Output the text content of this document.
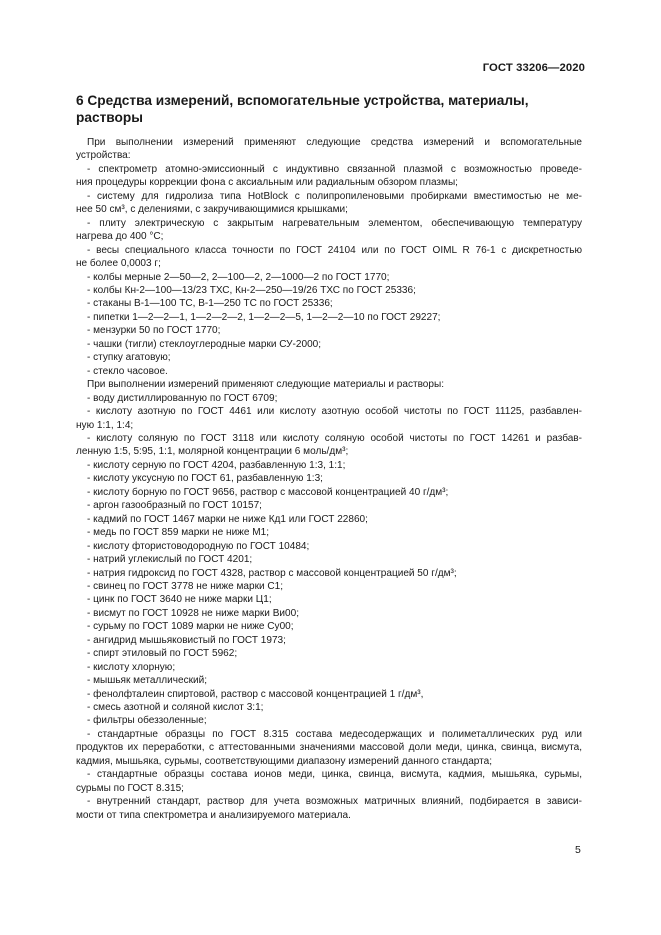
ГОСТ 33206—2020
6 Средства измерений, вспомогательные устройства, материалы,
растворы
При выполнении измерений применяют следующие средства измерений и вспомогательные
устройства:
- спектрометр атомно-эмиссионный с индуктивно связанной плазмой с возможностью проведе-
ния процедуры коррекции фона с аксиальным или радиальным обзором плазмы;
- систему для гидролиза типа HotBlock с полипропиленовыми пробирками вместимостью не ме-
нее 50 см³, с делениями, с закручивающимися крышками;
- плиту электрическую с закрытым нагревательным элементом, обеспечивающую температуру
нагрева до 400 °С;
- весы специального класса точности по ГОСТ 24104 или по ГОСТ OIML R 76-1 с дискретностью
не более 0,0003 г;
- колбы мерные 2—50—2, 2—100—2, 2—1000—2 по ГОСТ 1770;
- колбы Кн-2—100—13/23 ТХС, Кн-2—250—19/26 ТХС по ГОСТ 25336;
- стаканы В-1—100 ТС, В-1—250 ТС по ГОСТ 25336;
- пипетки 1—2—2—1, 1—2—2—2, 1—2—2—5, 1—2—2—10 по ГОСТ 29227;
- мензурки 50 по ГОСТ 1770;
- чашки (тигли) стеклоуглеродные марки СУ-2000;
- ступку агатовую;
- стекло часовое.
При выполнении измерений применяют следующие материалы и растворы:
- воду дистиллированную по ГОСТ 6709;
- кислоту азотную по ГОСТ 4461 или кислоту азотную особой чистоты по ГОСТ 11125, разбавлен-
ную 1:1, 1:4;
- кислоту соляную по ГОСТ 3118 или кислоту соляную особой чистоты по ГОСТ 14261 и разбав-
ленную 1:5, 5:95, 1:1, молярной концентрации 6 моль/дм³;
- кислоту серную по ГОСТ 4204, разбавленную 1:3, 1:1;
- кислоту уксусную по ГОСТ 61, разбавленную 1:3;
- кислоту борную по ГОСТ 9656, раствор с массовой концентрацией 40 г/дм³;
- аргон газообразный по ГОСТ 10157;
- кадмий по ГОСТ 1467 марки не ниже Кд1 или ГОСТ 22860;
- медь по ГОСТ 859 марки не ниже М1;
- кислоту фтористоводородную по ГОСТ 10484;
- натрий углекислый по ГОСТ 4201;
- натрия гидроксид по ГОСТ 4328, раствор с массовой концентрацией 50 г/дм³;
- свинец по ГОСТ 3778 не ниже марки С1;
- цинк по ГОСТ 3640 не ниже марки Ц1;
- висмут по ГОСТ 10928 не ниже марки Ви00;
- сурьму по ГОСТ 1089 марки не ниже Су00;
- ангидрид мышьяковистый по ГОСТ 1973;
- спирт этиловый по ГОСТ 5962;
- кислоту хлорную;
- мышьяк металлический;
- фенолфталеин спиртовой, раствор с массовой концентрацией 1 г/дм³,
- смесь азотной и соляной кислот 3:1;
- фильтры обеззоленные;
- стандартные образцы по ГОСТ 8.315 состава медесодержащих и полиметаллических руд или
продуктов их переработки, с аттестованными значениями массовой доли меди, цинка, свинца, висмута,
кадмия, мышьяка, сурьмы, соответствующими диапазону измерений данного стандарта;
- стандартные образцы состава ионов меди, цинка, свинца, висмута, кадмия, мышьяка, сурьмы,
сурьмы по ГОСТ 8.315;
- внутренний стандарт, раствор для учета возможных матричных влияний, подбирается в зависи-
мости от типа спектрометра и анализируемого материала.
5
